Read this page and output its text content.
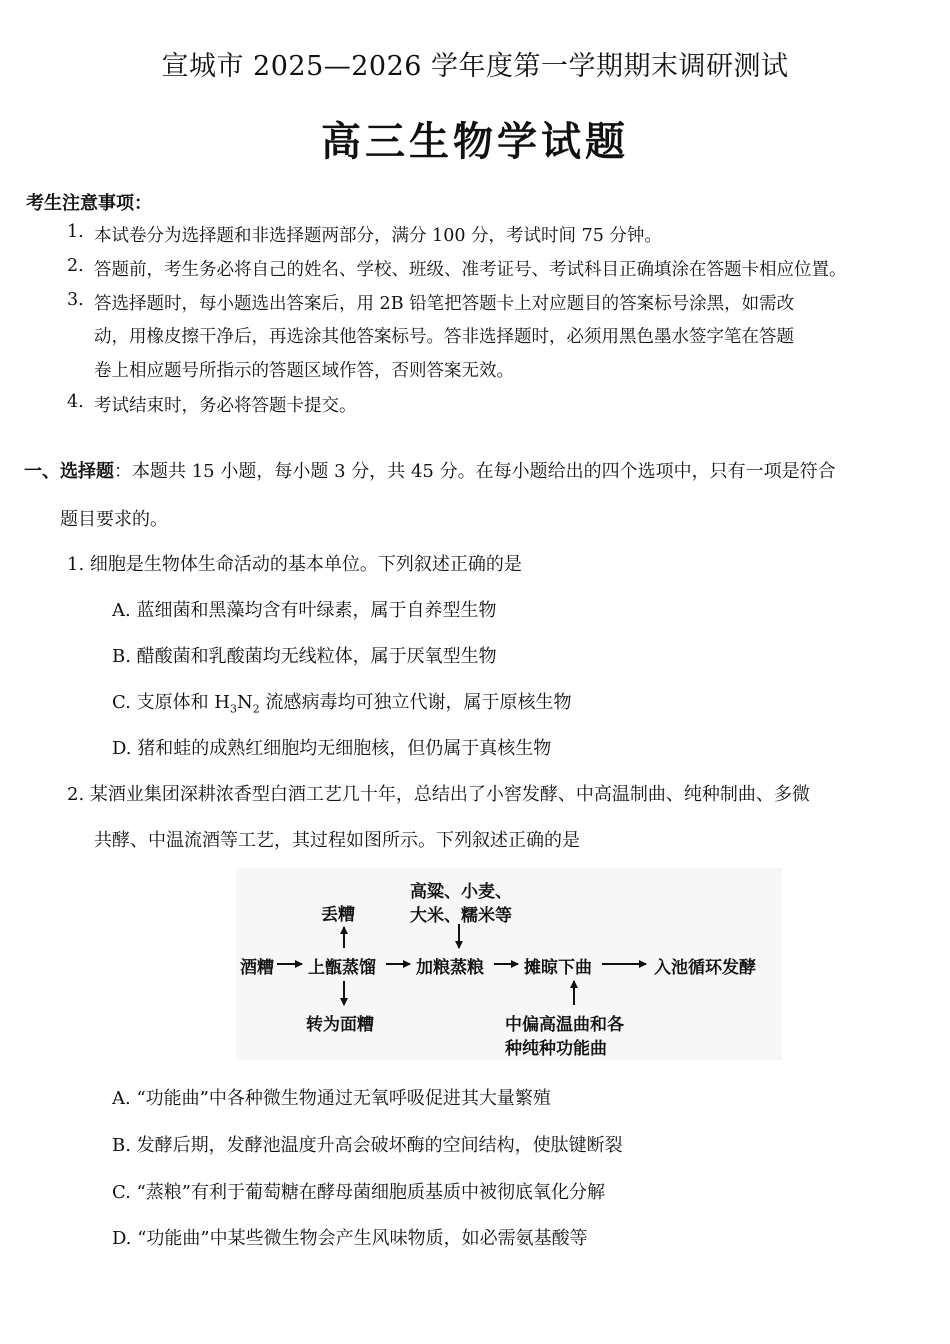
宣城市 2025—2026 学年度第一学期期末调研测试
高三生物学试题
考生注意事项：
1. 本试卷分为选择题和非选择题两部分，满分 100 分，考试时间 75 分钟。
2. 答题前，考生务必将自己的姓名、学校、班级、准考证号、考试科目正确填涂在答题卡相应位置。
3. 答选择题时，每小题选出答案后，用 2B 铅笔把答题卡上对应题目的答案标号涂黑，如需改
动，用橡皮擦干净后，再选涂其他答案标号。答非选择题时，必须用黑色墨水签字笔在答题
卷上相应题号所指示的答题区域作答，否则答案无效。
4. 考试结束时，务必将答题卡提交。
一、选择题：本题共 15 小题，每小题 3 分，共 45 分。在每小题给出的四个选项中，只有一项是符合
题目要求的。
1. 细胞是生物体生命活动的基本单位。下列叙述正确的是
A. 蓝细菌和黑藻均含有叶绿素，属于自养型生物
B. 醋酸菌和乳酸菌均无线粒体，属于厌氧型生物
C. 支原体和 $H_3N_2$ 流感病毒均可独立代谢，属于原核生物
D. 猪和蛙的成熟红细胞均无细胞核，但仍属于真核生物
2. 某酒业集团深耕浓香型白酒工艺几十年，总结出了小窖发酵、中高温制曲、纯种制曲、多微
共酵、中温流酒等工艺，其过程如图所示。下列叙述正确的是
丢糟
高粱、小麦、
大米、糯米等
酒糟 上甑蒸馏 加粮蒸粮 摊晾下曲	入池循环发酵
转为面糟	中偏高温曲和各
种纯种功能曲
A. “功能曲”中各种微生物通过无氧呼吸促进其大量繁殖
B. 发酵后期，发酵池温度升高会破坏酶的空间结构，使肽键断裂
C. “蒸粮”有利于葡萄糖在酵母菌细胞质基质中被彻底氧化分解
D. “功能曲”中某些微生物会产生风味物质，如必需氨基酸等
